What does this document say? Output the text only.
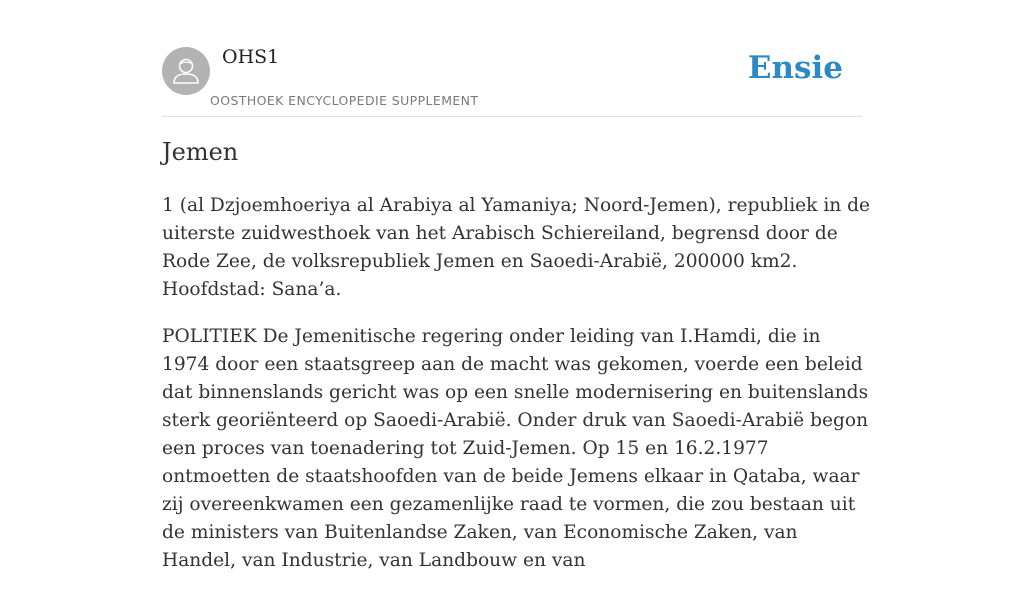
OHS1
OOSTHOEK ENCYCLOPEDIE SUPPLEMENT
Ensie
Jemen

1 (al Dzjoemhoeriya al Arabiya al Yamaniya; Noord-Jemen), republiek in de uiterste zuidwesthoek van het Arabisch Schiereiland, begrensd door de Rode Zee, de volksrepubliek Jemen en Saoedi-Arabië, 200000 km2. Hoofdstad: Sana’a.

POLITIEK De Jemenitische regering onder leiding van I.Hamdi, die in 1974 door een staatsgreep aan de macht was gekomen, voerde een beleid dat binnenslands gericht was op een snelle modernisering en buitenslands sterk georiënteerd op Saoedi-Arabië. Onder druk van Saoedi-Arabië begon een proces van toenadering tot Zuid-Jemen. Op 15 en 16.2.1977 ontmoetten de staatshoofden van de beide Jemens elkaar in Qataba, waar zij overeenkwamen een gezamenlijke raad te vormen, die zou bestaan uit de ministers van Buitenlandse Zaken, van Economische Zaken, van Handel, van Industrie, van Landbouw en van
